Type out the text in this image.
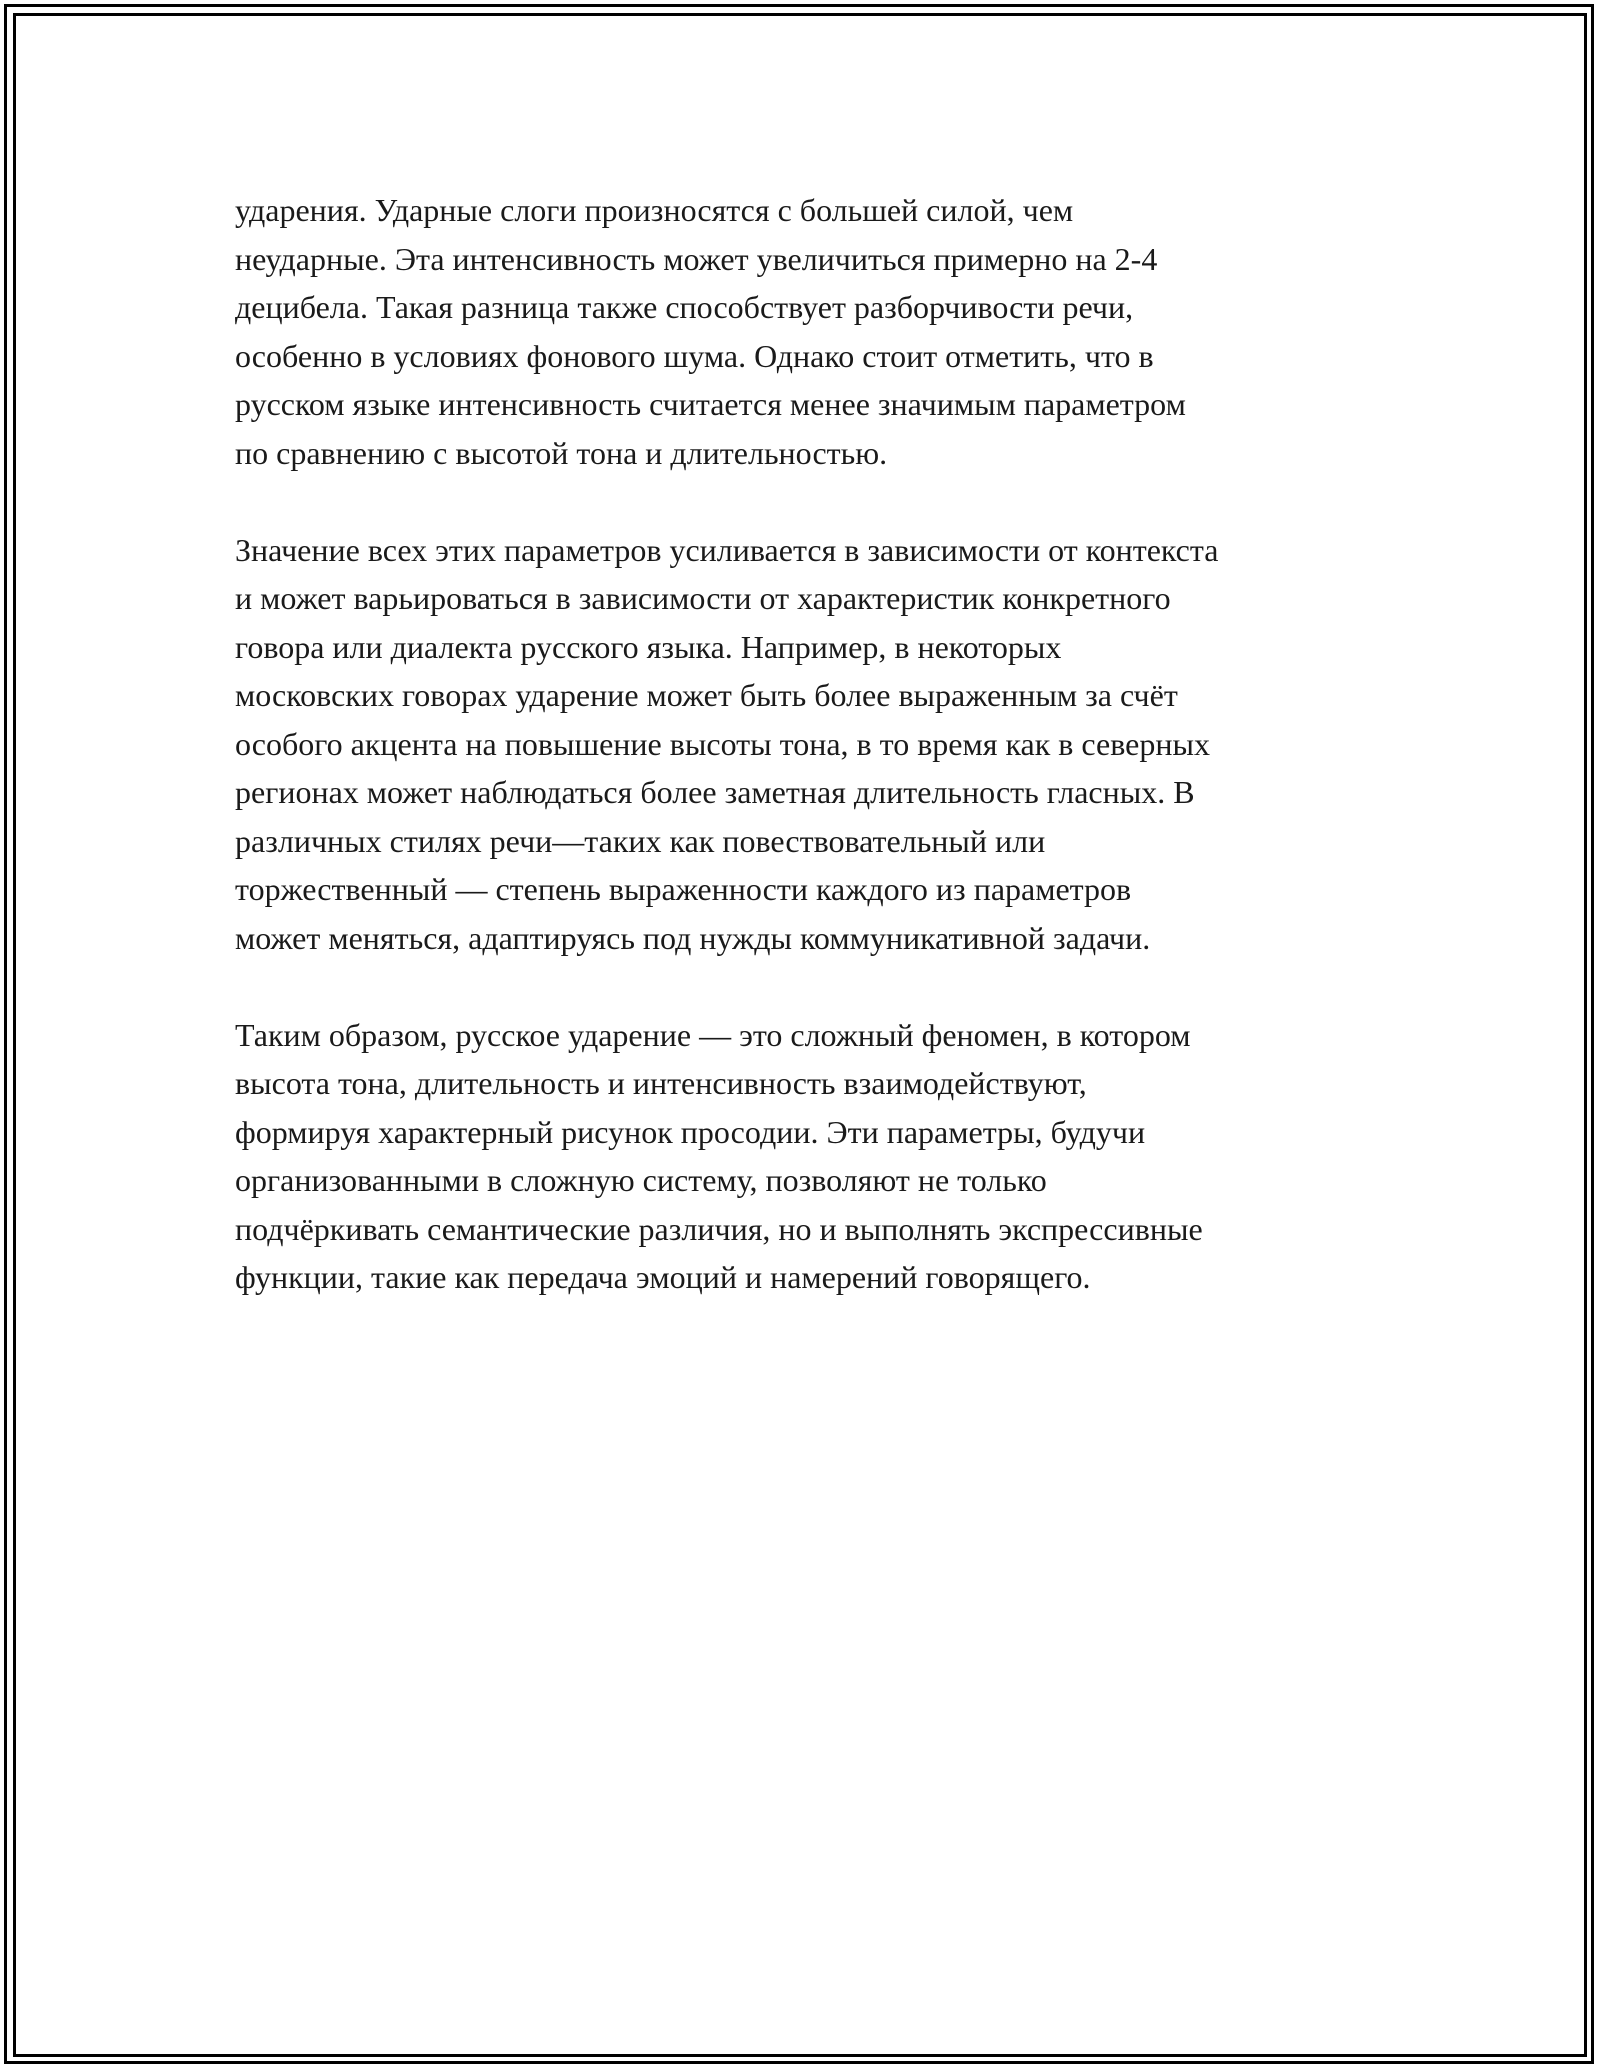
ударения. Ударные слоги произносятся с большей силой, чем
неударные. Эта интенсивность может увеличиться примерно на 2-4
децибела. Такая разница также способствует разборчивости речи,
особенно в условиях фонового шума. Однако стоит отметить, что в
русском языке интенсивность считается менее значимым параметром
по сравнению с высотой тона и длительностью.

Значение всех этих параметров усиливается в зависимости от контекста
и может варьироваться в зависимости от характеристик конкретного
говора или диалекта русского языка. Например, в некоторых
московских говорах ударение может быть более выраженным за счёт
особого акцента на повышение высоты тона, в то время как в северных
регионах может наблюдаться более заметная длительность гласных. В
различных стилях речи—таких как повествовательный или
торжественный — степень выраженности каждого из параметров
может меняться, адаптируясь под нужды коммуникативной задачи.

Таким образом, русское ударение — это сложный феномен, в котором
высота тона, длительность и интенсивность взаимодействуют,
формируя характерный рисунок просодии. Эти параметры, будучи
организованными в сложную систему, позволяют не только
подчёркивать семантические различия, но и выполнять экспрессивные
функции, такие как передача эмоций и намерений говорящего.
